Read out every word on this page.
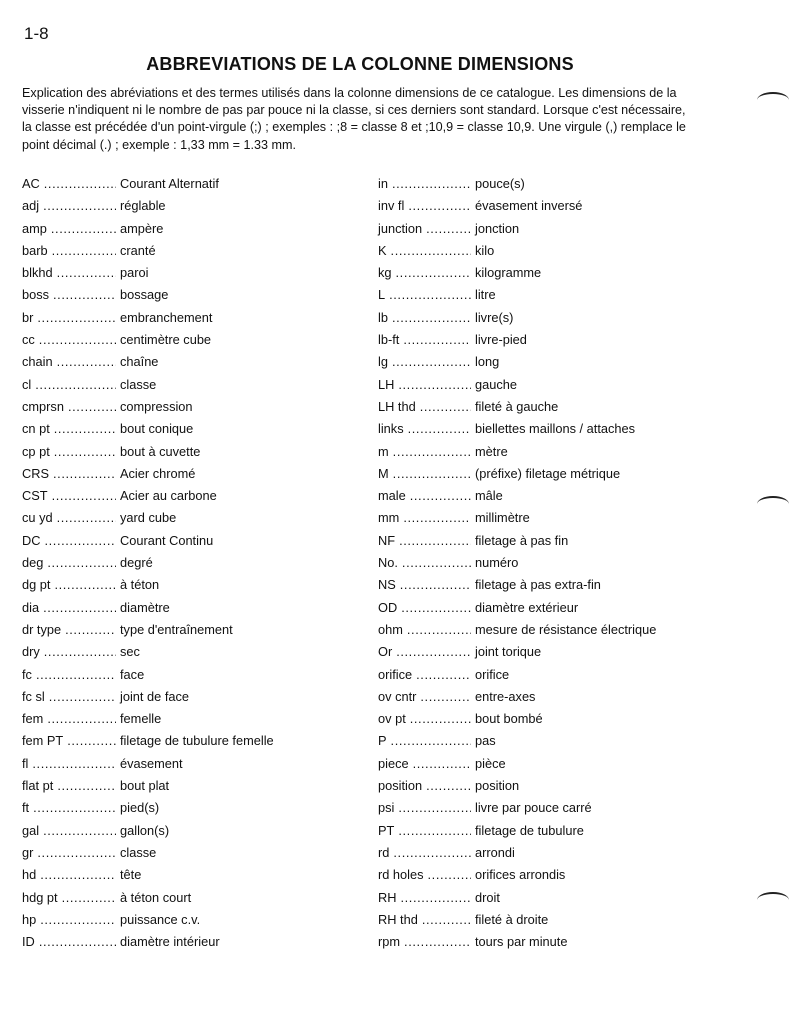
1-8
ABBREVIATIONS DE LA COLONNE DIMENSIONS
Explication des abréviations et des termes utilisés dans la colonne dimensions de ce catalogue. Les dimensions de la
visserie n'indiquent ni le nombre de pas par pouce ni la classe, si ces derniers sont standard. Lorsque c'est nécessaire,
la classe est précédée d'un point-virgule (;) ; exemples : ;8 = classe 8 et ;10,9 = classe 10,9. Une virgule (,) remplace le
point décimal (.) ; exemple : 1,33 mm = 1.33 mm.
AC .....	Courant Alternatif
adj .....	réglable
amp .....	ampère
barb .....	cranté
blkhd .....	paroi
boss .....	bossage
br .....	embranchement
cc .....	centimètre cube
chain .....	chaîne
cl .....	classe
cmprsn .....	compression
cn pt .....	bout conique
cp pt .....	bout à cuvette
CRS .....	Acier chromé
CST .....	Acier au carbone
cu yd .....	yard cube
DC .....	Courant Continu
deg .....	degré
dg pt .....	à téton
dia .....	diamètre
dr type .....	type d'entraînement
dry .....	sec
fc .....	face
fc sl .....	joint de face
fem .....	femelle
fem PT .....	filetage de tubulure femelle
fl .....	évasement
flat pt .....	bout plat
ft .....	pied(s)
gal .....	gallon(s)
gr .....	classe
hd .....	tête
hdg pt .....	à téton court
hp .....	puissance c.v.
ID .....	diamètre intérieur
in .....	pouce(s)
inv fl .....	évasement inversé
junction .....	jonction
K .....	kilo
kg .....	kilogramme
L .....	litre
lb .....	livre(s)
lb-ft .....	livre-pied
lg .....	long
LH .....	gauche
LH thd .....	fileté à gauche
links .....	biellettes maillons / attaches
m .....	mètre
M .....	(préfixe) filetage métrique
male .....	mâle
mm .....	millimètre
NF .....	filetage à pas fin
No. .....	numéro
NS .....	filetage à pas extra-fin
OD .....	diamètre extérieur
ohm .....	mesure de résistance électrique
Or .....	joint torique
orifice .....	orifice
ov cntr .....	entre-axes
ov pt .....	bout bombé
P .....	pas
piece .....	pièce
position .....	position
psi .....	livre par pouce carré
PT .....	filetage de tubulure
rd .....	arrondi
rd holes .....	orifices arrondis
RH .....	droit
RH thd .....	fileté à droite
rpm .....	tours par minute
